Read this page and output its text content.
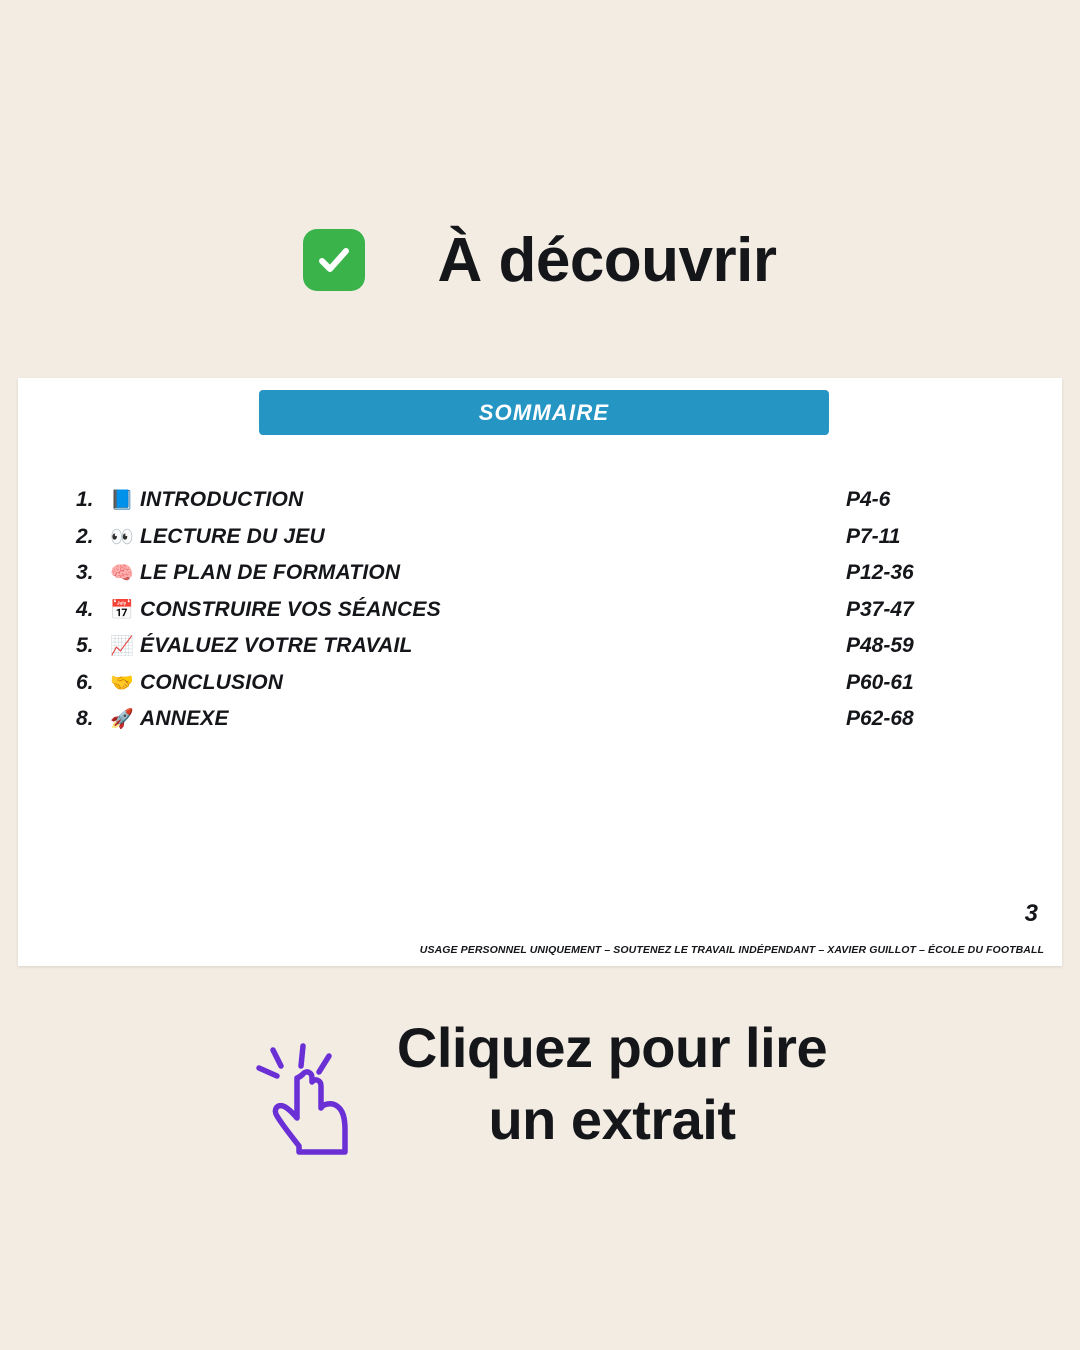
À découvrir
SOMMAIRE
1. 📘 INTRODUCTION	P4-6
2. 👀 LECTURE DU JEU	P7-11
3. 🧠 LE PLAN DE FORMATION	P12-36
4. 📅 CONSTRUIRE VOS SÉANCES	P37-47
5. 📈 ÉVALUEZ VOTRE TRAVAIL	P48-59
6. 🤝 CONCLUSION	P60-61
8. 🚀 ANNEXE	P62-68
3
USAGE PERSONNEL UNIQUEMENT – SOUTENEZ LE TRAVAIL INDÉPENDANT – XAVIER GUILLOT – ÉCOLE DU FOOTBALL
Cliquez pour lire
un extrait
